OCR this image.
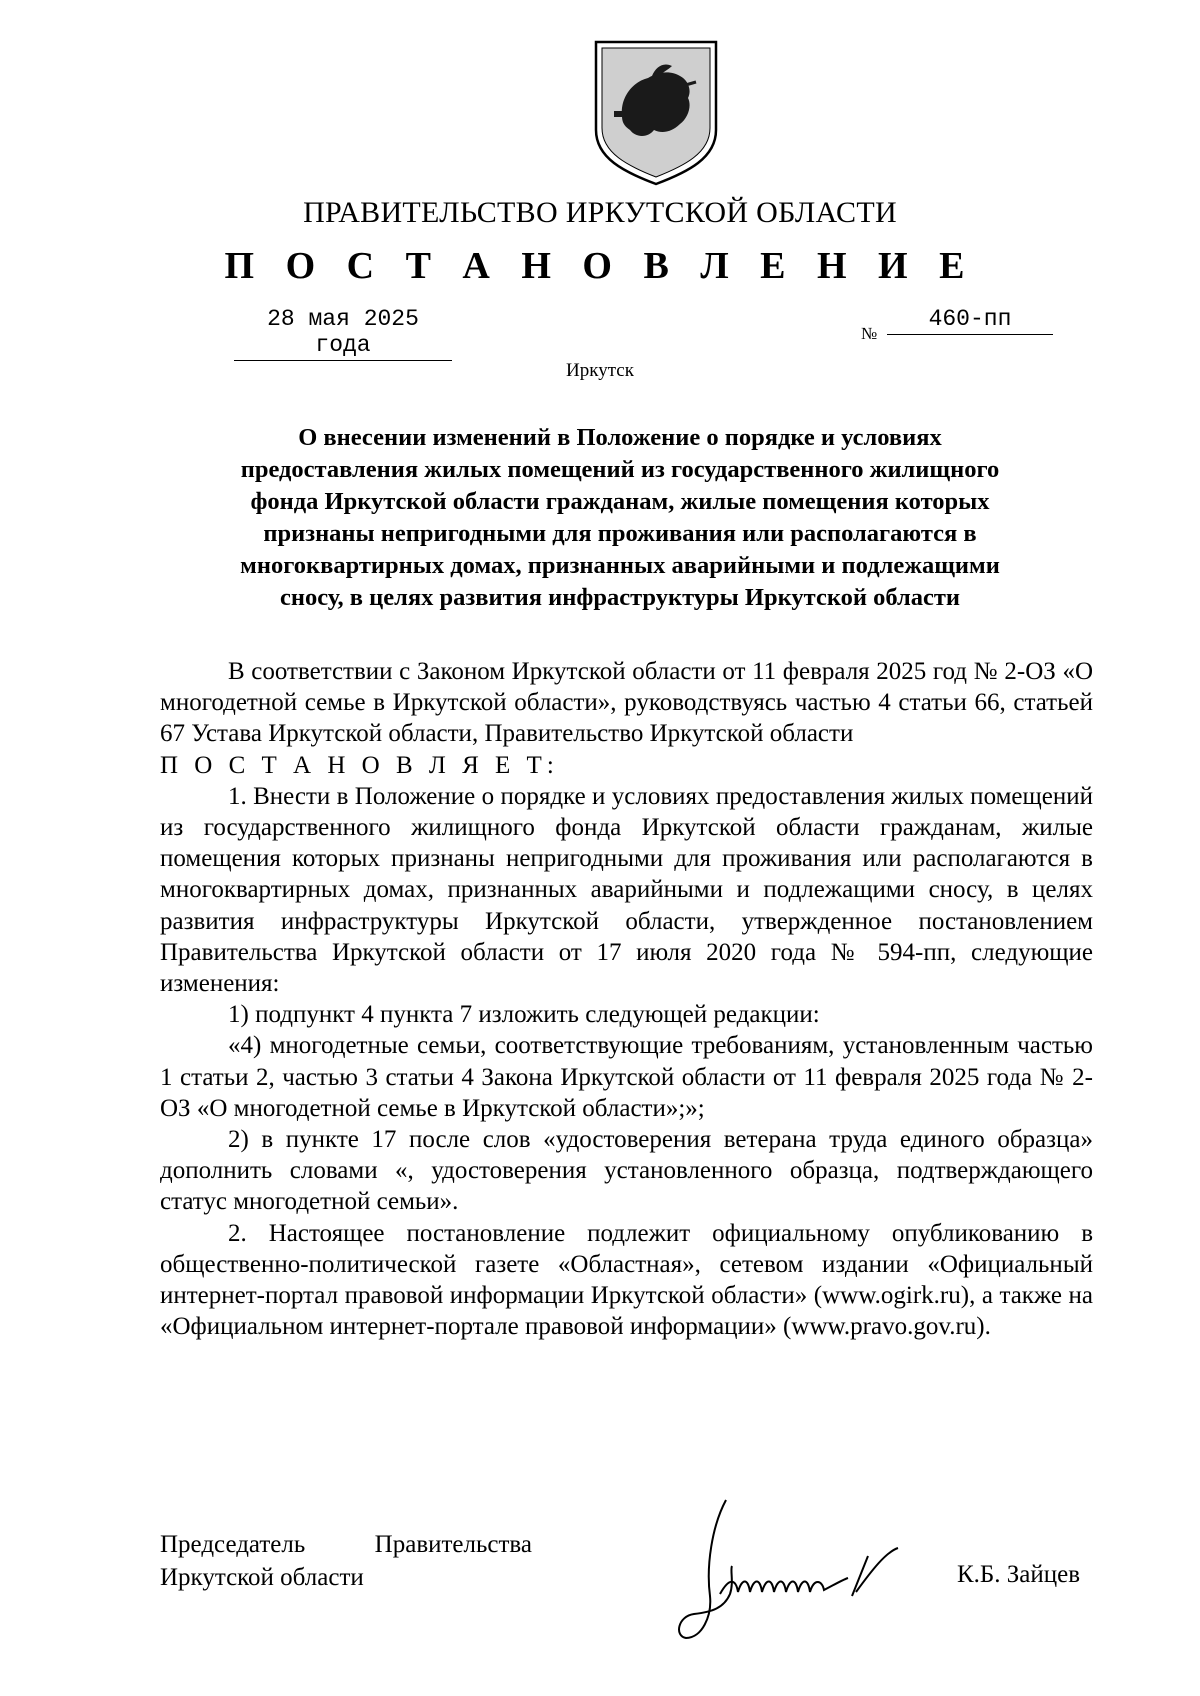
ПРАВИТЕЛЬСТВО ИРКУТСКОЙ ОБЛАСТИ
П О С Т А Н О В Л Е Н И Е
28 мая 2025 года	№
460-пп
Иркутск
О внесении изменений в Положение о порядке и условиях
предоставления жилых помещений из государственного жилищного
фонда Иркутской области гражданам, жилые помещения которых
признаны непригодными для проживания или располагаются в
многоквартирных домах, признанных аварийными и подлежащими
сносу, в целях развития инфраструктуры Иркутской области

В соответствии с Законом Иркутской области от 11 февраля 2025 год № 2-ОЗ «О многодетной семье в Иркутской области», руководствуясь частью 4 статьи 66, статьей 67 Устава Иркутской области, Правительство Иркутской области

П О С Т А Н О В Л Я Е Т:

1. Внести в Положение о порядке и условиях предоставления жилых помещений из государственного жилищного фонда Иркутской области гражданам, жилые помещения которых признаны непригодными для проживания или располагаются в многоквартирных домах, признанных аварийными и подлежащими сносу, в целях развития инфраструктуры Иркутской области, утвержденное постановлением Правительства Иркутской области от 17 июля 2020 года № 594-пп, следующие изменения:

1) подпункт 4 пункта 7 изложить следующей редакции:

«4) многодетные семьи, соответствующие требованиям, установленным частью 1 статьи 2, частью 3 статьи 4 Закона Иркутской области от 11 февраля 2025 года № 2-ОЗ «О многодетной семье в Иркутской области»;»;

2) в пункте 17 после слов «удостоверения ветерана труда единого образца» дополнить словами «, удостоверения установленного образца, подтверждающего статус многодетной семьи».

2. Настоящее постановление подлежит официальному опубликованию в общественно-политической газете «Областная», сетевом издании «Официальный интернет-портал правовой информации Иркутской области» (www.ogirk.ru), а также на «Официальном интернет-портале правовой информации» (www.pravo.gov.ru).

Председатель	Правительства
Иркутской области	К.Б. Зайцев
